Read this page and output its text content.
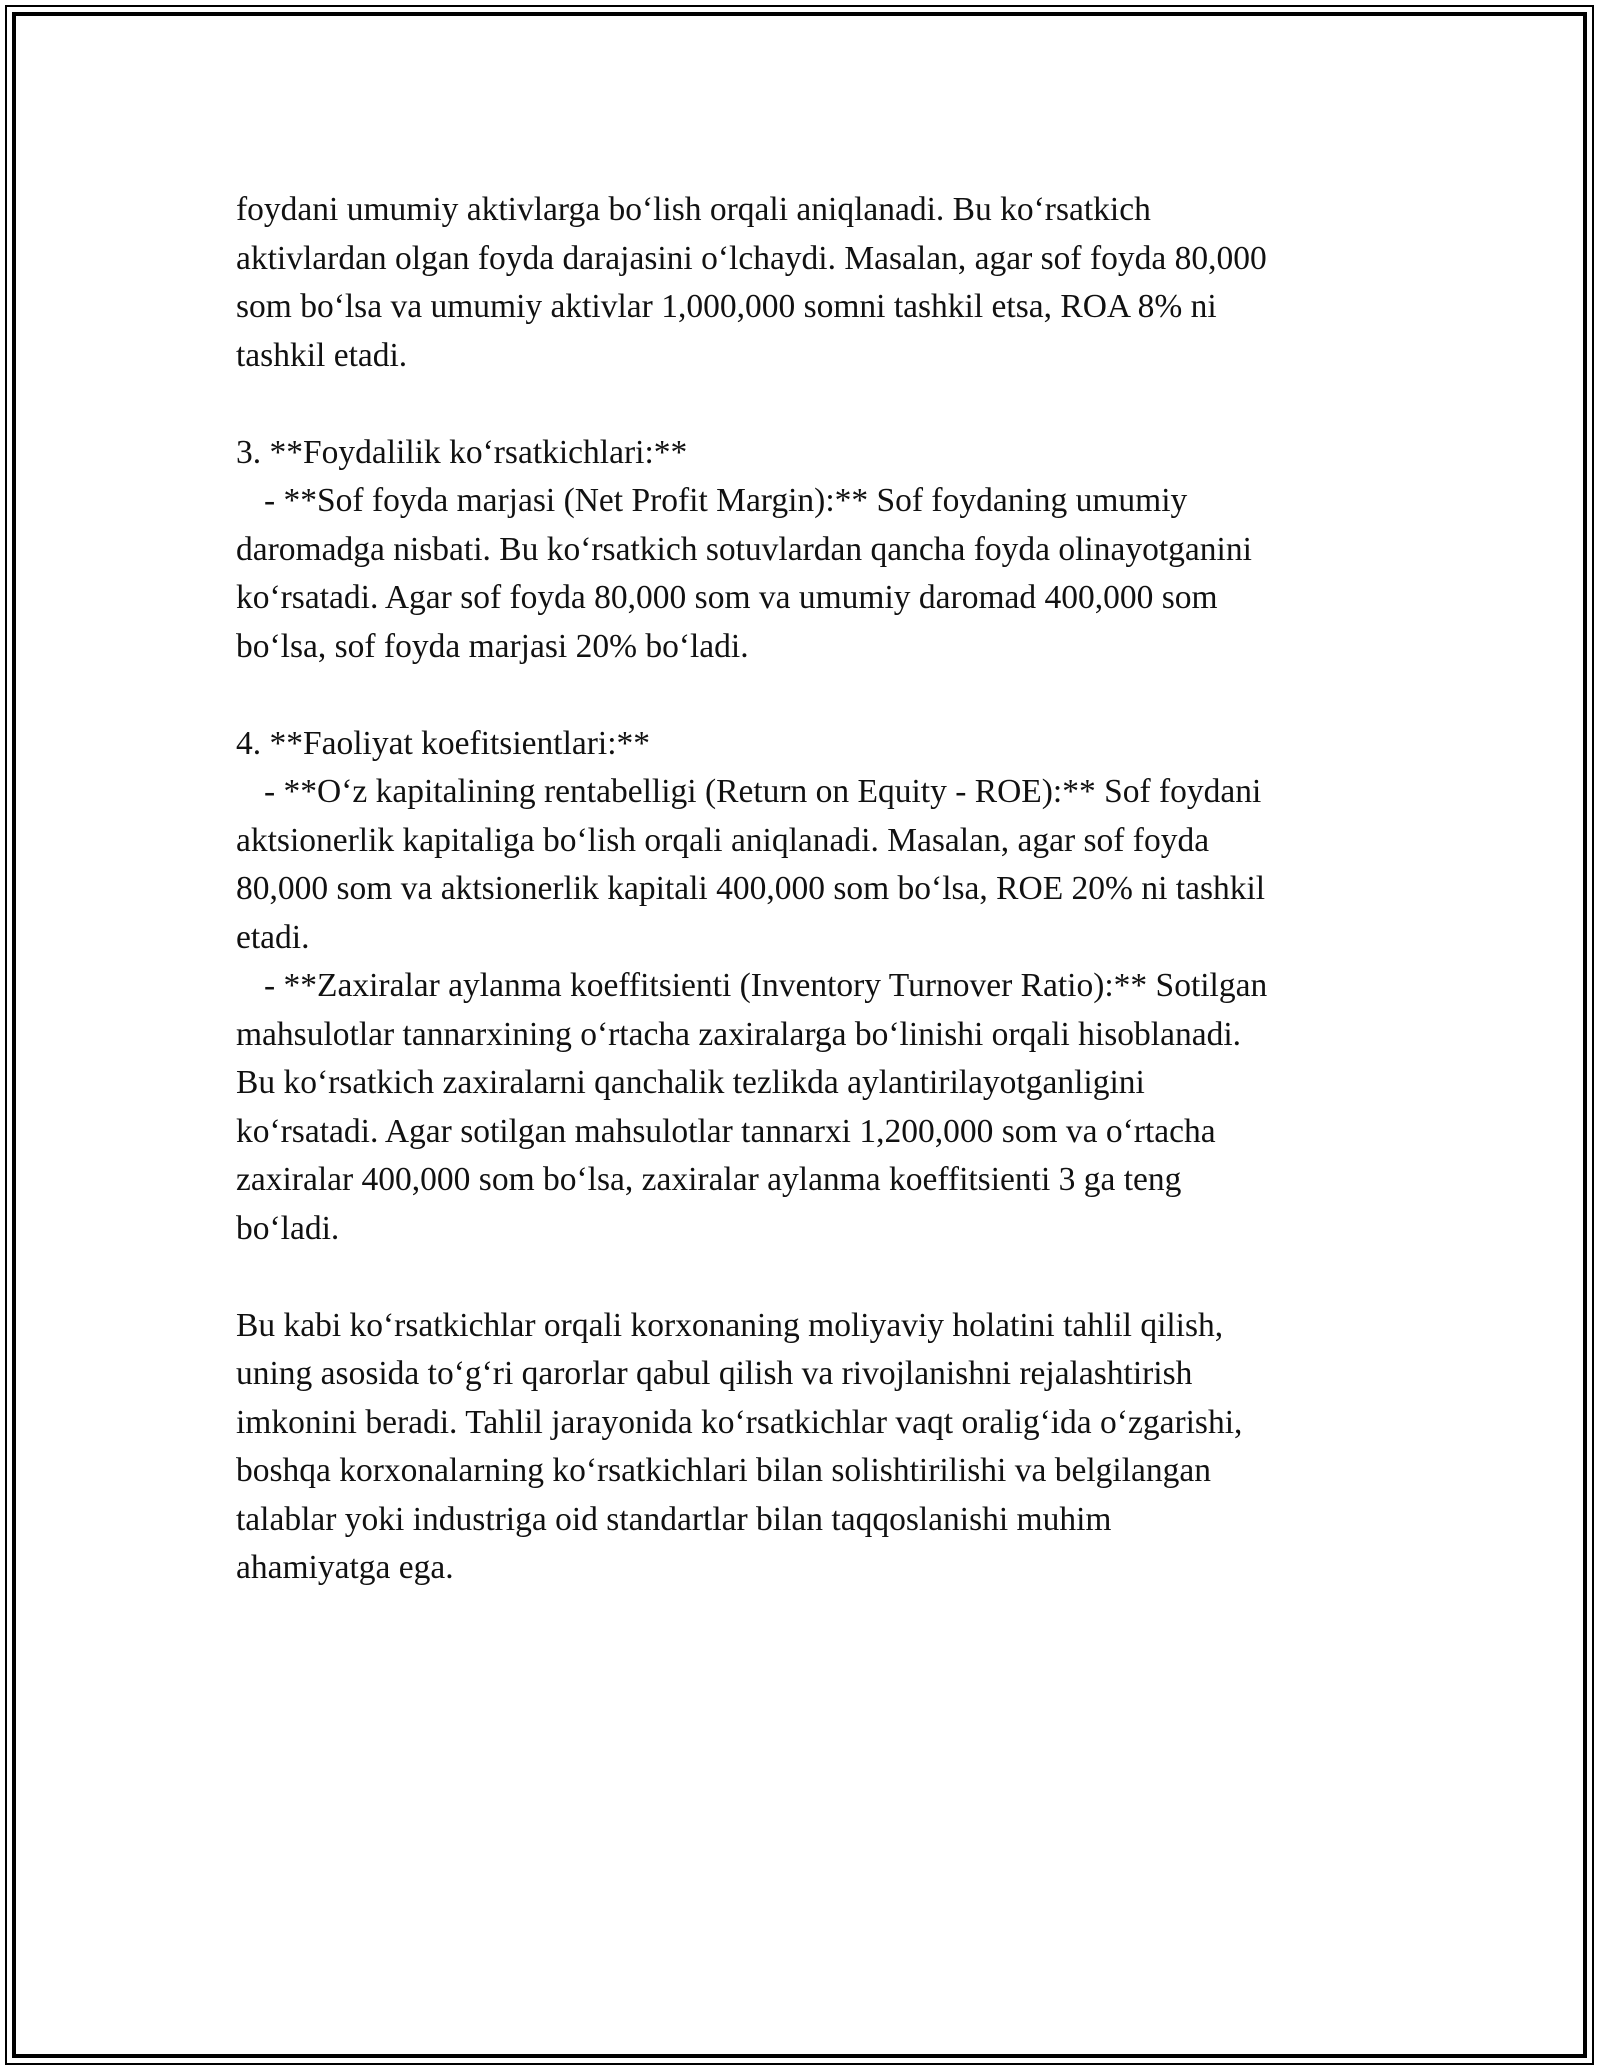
foydani umumiy aktivlarga bo‘lish orqali aniqlanadi. Bu ko‘rsatkich
aktivlardan olgan foyda darajasini o‘lchaydi. Masalan, agar sof foyda 80,000
som bo‘lsa va umumiy aktivlar 1,000,000 somni tashkil etsa, ROA 8% ni
tashkil etadi.

3. **Foydalilik ko‘rsatkichlari:**

- **Sof foyda marjasi (Net Profit Margin):** Sof foydaning umumiy
daromadga nisbati. Bu ko‘rsatkich sotuvlardan qancha foyda olinayotganini
ko‘rsatadi. Agar sof foyda 80,000 som va umumiy daromad 400,000 som
bo‘lsa, sof foyda marjasi 20% bo‘ladi.

4. **Faoliyat koefitsientlari:**

- **O‘z kapitalining rentabelligi (Return on Equity - ROE):** Sof foydani
aktsionerlik kapitaliga bo‘lish orqali aniqlanadi. Masalan, agar sof foyda
80,000 som va aktsionerlik kapitali 400,000 som bo‘lsa, ROE 20% ni tashkil
etadi.

- **Zaxiralar aylanma koeffitsienti (Inventory Turnover Ratio):** Sotilgan
mahsulotlar tannarxining o‘rtacha zaxiralarga bo‘linishi orqali hisoblanadi.
Bu ko‘rsatkich zaxiralarni qanchalik tezlikda aylantirilayotganligini
ko‘rsatadi. Agar sotilgan mahsulotlar tannarxi 1,200,000 som va o‘rtacha
zaxiralar 400,000 som bo‘lsa, zaxiralar aylanma koeffitsienti 3 ga teng
bo‘ladi.

Bu kabi ko‘rsatkichlar orqali korxonaning moliyaviy holatini tahlil qilish,
uning asosida to‘g‘ri qarorlar qabul qilish va rivojlanishni rejalashtirish
imkonini beradi. Tahlil jarayonida ko‘rsatkichlar vaqt oralig‘ida o‘zgarishi,
boshqa korxonalarning ko‘rsatkichlari bilan solishtirilishi va belgilangan
talablar yoki industriga oid standartlar bilan taqqoslanishi muhim
ahamiyatga ega.
